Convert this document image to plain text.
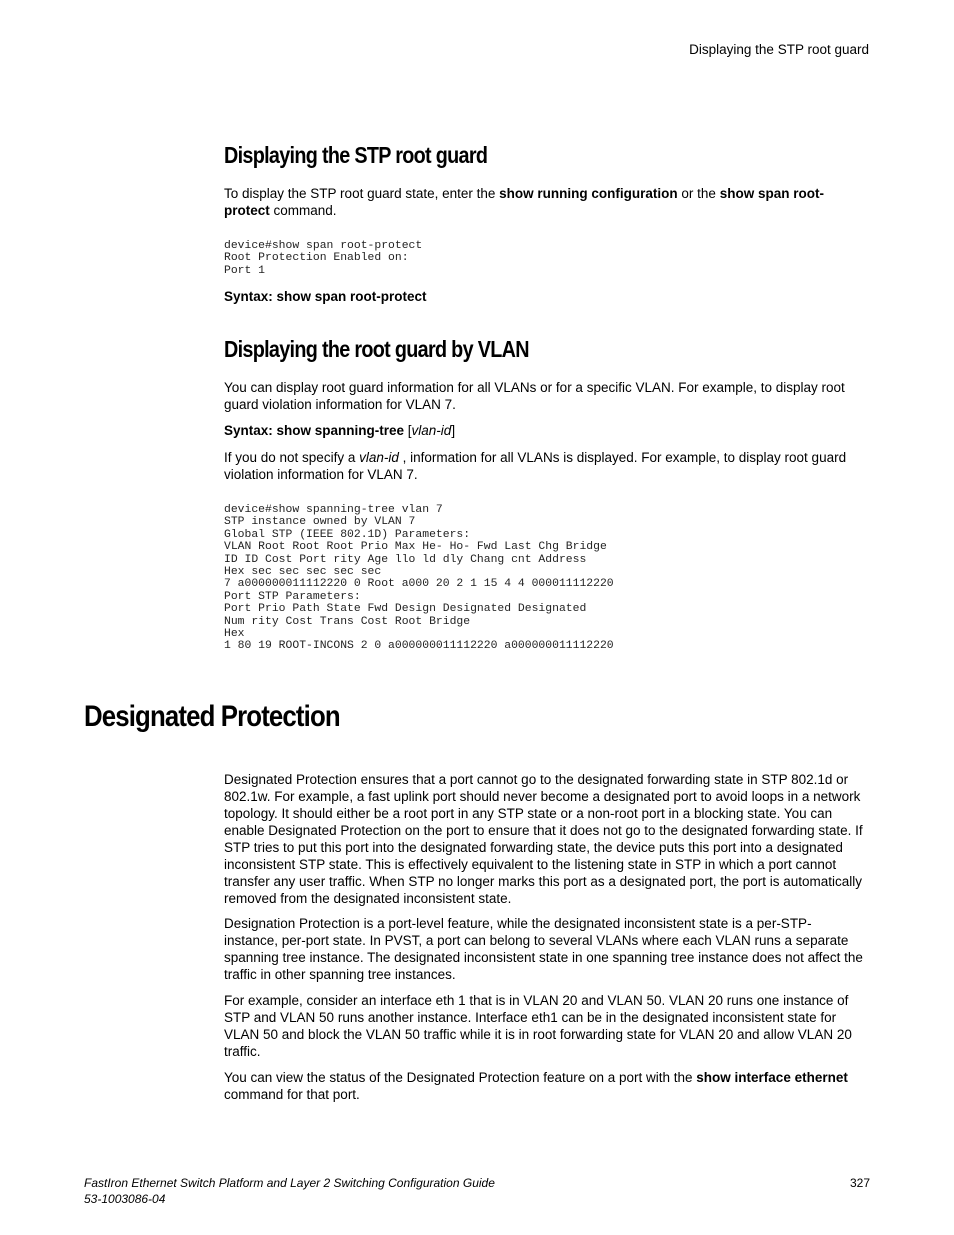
Displaying the STP root guard
Displaying the STP root guard

To display the STP root guard state, enter the show running configuration or the show span root-protect command.

device#show span root-protect
Root Protection Enabled on:
Port 1

Syntax: show span root-protect

Displaying the root guard by VLAN

You can display root guard information for all VLANs or for a specific VLAN. For example, to display root guard violation information for VLAN 7.

Syntax: show spanning-tree [vlan-id]

If you do not specify a vlan-id , information for all VLANs is displayed. For example, to display root guard violation information for VLAN 7.

device#show spanning-tree vlan 7
STP instance owned by VLAN 7
Global STP (IEEE 802.1D) Parameters:
VLAN Root Root Root Prio Max He- Ho- Fwd Last Chg Bridge
ID ID Cost Port rity Age llo ld dly Chang cnt Address
Hex sec sec sec sec sec
7 a000000011112220 0 Root a000 20 2 1 15 4 4 000011112220
Port STP Parameters:
Port Prio Path State Fwd Design Designated Designated
Num rity Cost Trans Cost Root Bridge
Hex
1 80 19 ROOT-INCONS 2 0 a000000011112220 a000000011112220
Designated Protection

Designated Protection ensures that a port cannot go to the designated forwarding state in STP 802.1d or 802.1w. For example, a fast uplink port should never become a designated port to avoid loops in a network topology. It should either be a root port in any STP state or a non-root port in a blocking state. You can enable Designated Protection on the port to ensure that it does not go to the designated forwarding state. If STP tries to put this port into the designated forwarding state, the device puts this port into a designated inconsistent STP state. This is effectively equivalent to the listening state in STP in which a port cannot transfer any user traffic. When STP no longer marks this port as a designated port, the port is automatically removed from the designated inconsistent state.

Designation Protection is a port-level feature, while the designated inconsistent state is a per-STP-instance, per-port state. In PVST, a port can belong to several VLANs where each VLAN runs a separate spanning tree instance. The designated inconsistent state in one spanning tree instance does not affect the traffic in other spanning tree instances.

For example, consider an interface eth 1 that is in VLAN 20 and VLAN 50. VLAN 20 runs one instance of STP and VLAN 50 runs another instance. Interface eth1 can be in the designated inconsistent state for VLAN 50 and block the VLAN 50 traffic while it is in root forwarding state for VLAN 20 and allow VLAN 20 traffic.

You can view the status of the Designated Protection feature on a port with the show interface ethernet command for that port.

FastIron Ethernet Switch Platform and Layer 2 Switching Configuration Guide
53-1003086-04
327
